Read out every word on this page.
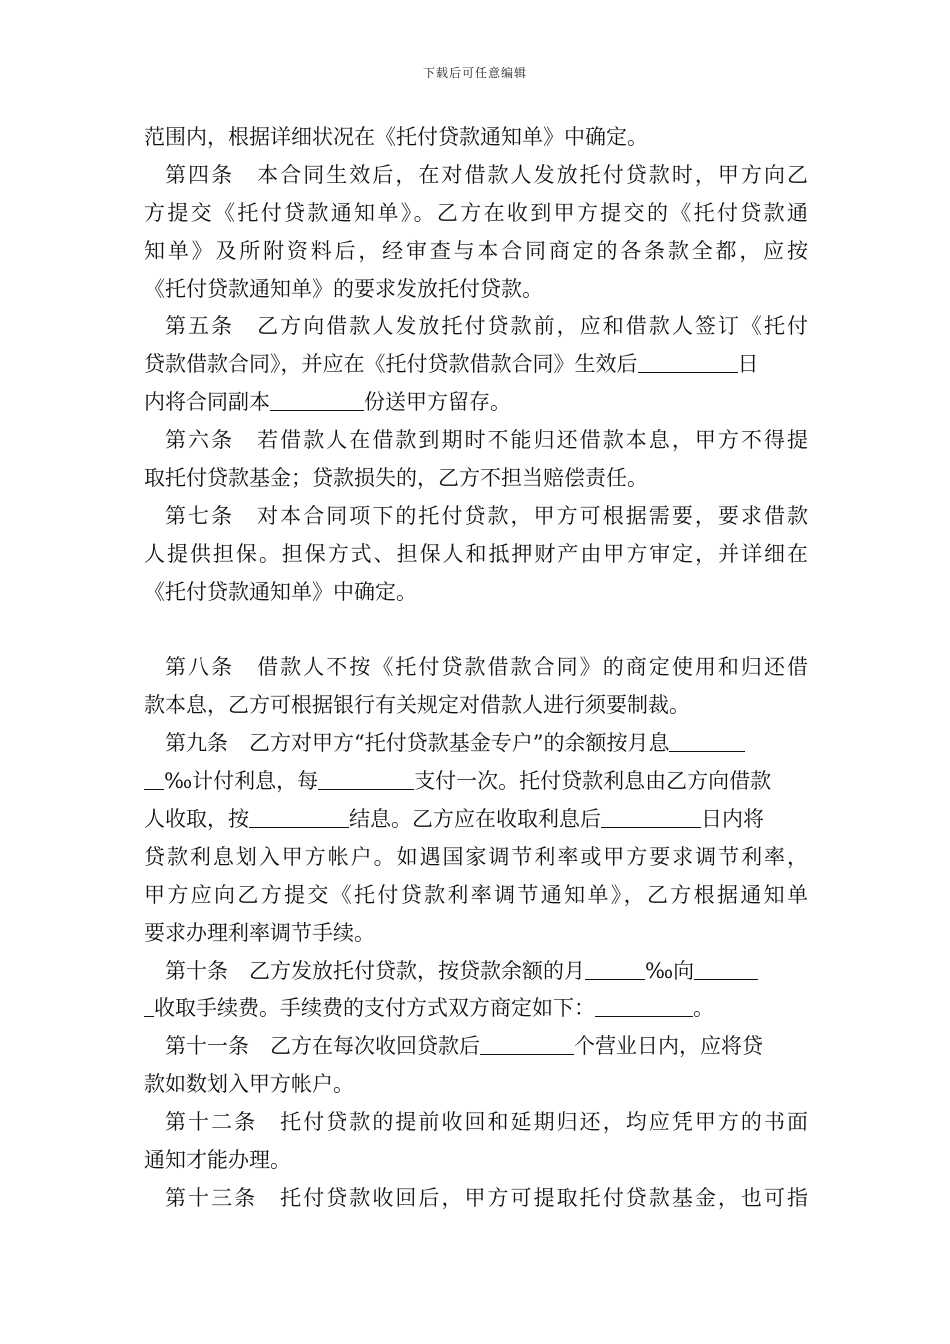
下载后可任意编辑
范围内，根据详细状况在《托付贷款通知单》中确定。
第四条　本合同生效后，在对借款人发放托付贷款时，甲方向乙
方提交《托付贷款通知单》。乙方在收到甲方提交的《托付贷款通
知单》及所附资料后，经审查与本合同商定的各条款全都，应按
《托付贷款通知单》的要求发放托付贷款。
第五条　乙方向借款人发放托付贷款前，应和借款人签订《托付
贷款借款合同》，并应在《托付贷款借款合同》生效后	日
内将合同副本	份送甲方留存。
第六条　若借款人在借款到期时不能归还借款本息，甲方不得提
取托付贷款基金；贷款损失的，乙方不担当赔偿责任。
第七条　对本合同项下的托付贷款，甲方可根据需要，要求借款
人提供担保。担保方式、担保人和抵押财产由甲方审定，并详细在
《托付贷款通知单》中确定。
第八条　借款人不按《托付贷款借款合同》的商定使用和归还借
款本息，乙方可根据银行有关规定对借款人进行须要制裁。
第九条　乙方对甲方“托付贷款基金专户”的余额按月息
‰计付利息，每	支付一次。托付贷款利息由乙方向借款
人收取，按	结息。乙方应在收取利息后	日内将
贷款利息划入甲方帐户。如遇国家调节利率或甲方要求调节利率，
甲方应向乙方提交《托付贷款利率调节通知单》，乙方根据通知单
要求办理利率调节手续。
第十条　乙方发放托付贷款，按贷款余额的月	‰向
收取手续费。手续费的支付方式双方商定如下：	。
第十一条　乙方在每次收回贷款后	个营业日内，应将贷
款如数划入甲方帐户。
第十二条　托付贷款的提前收回和延期归还，均应凭甲方的书面
通知才能办理。
第十三条　托付贷款收回后，甲方可提取托付贷款基金，也可指
